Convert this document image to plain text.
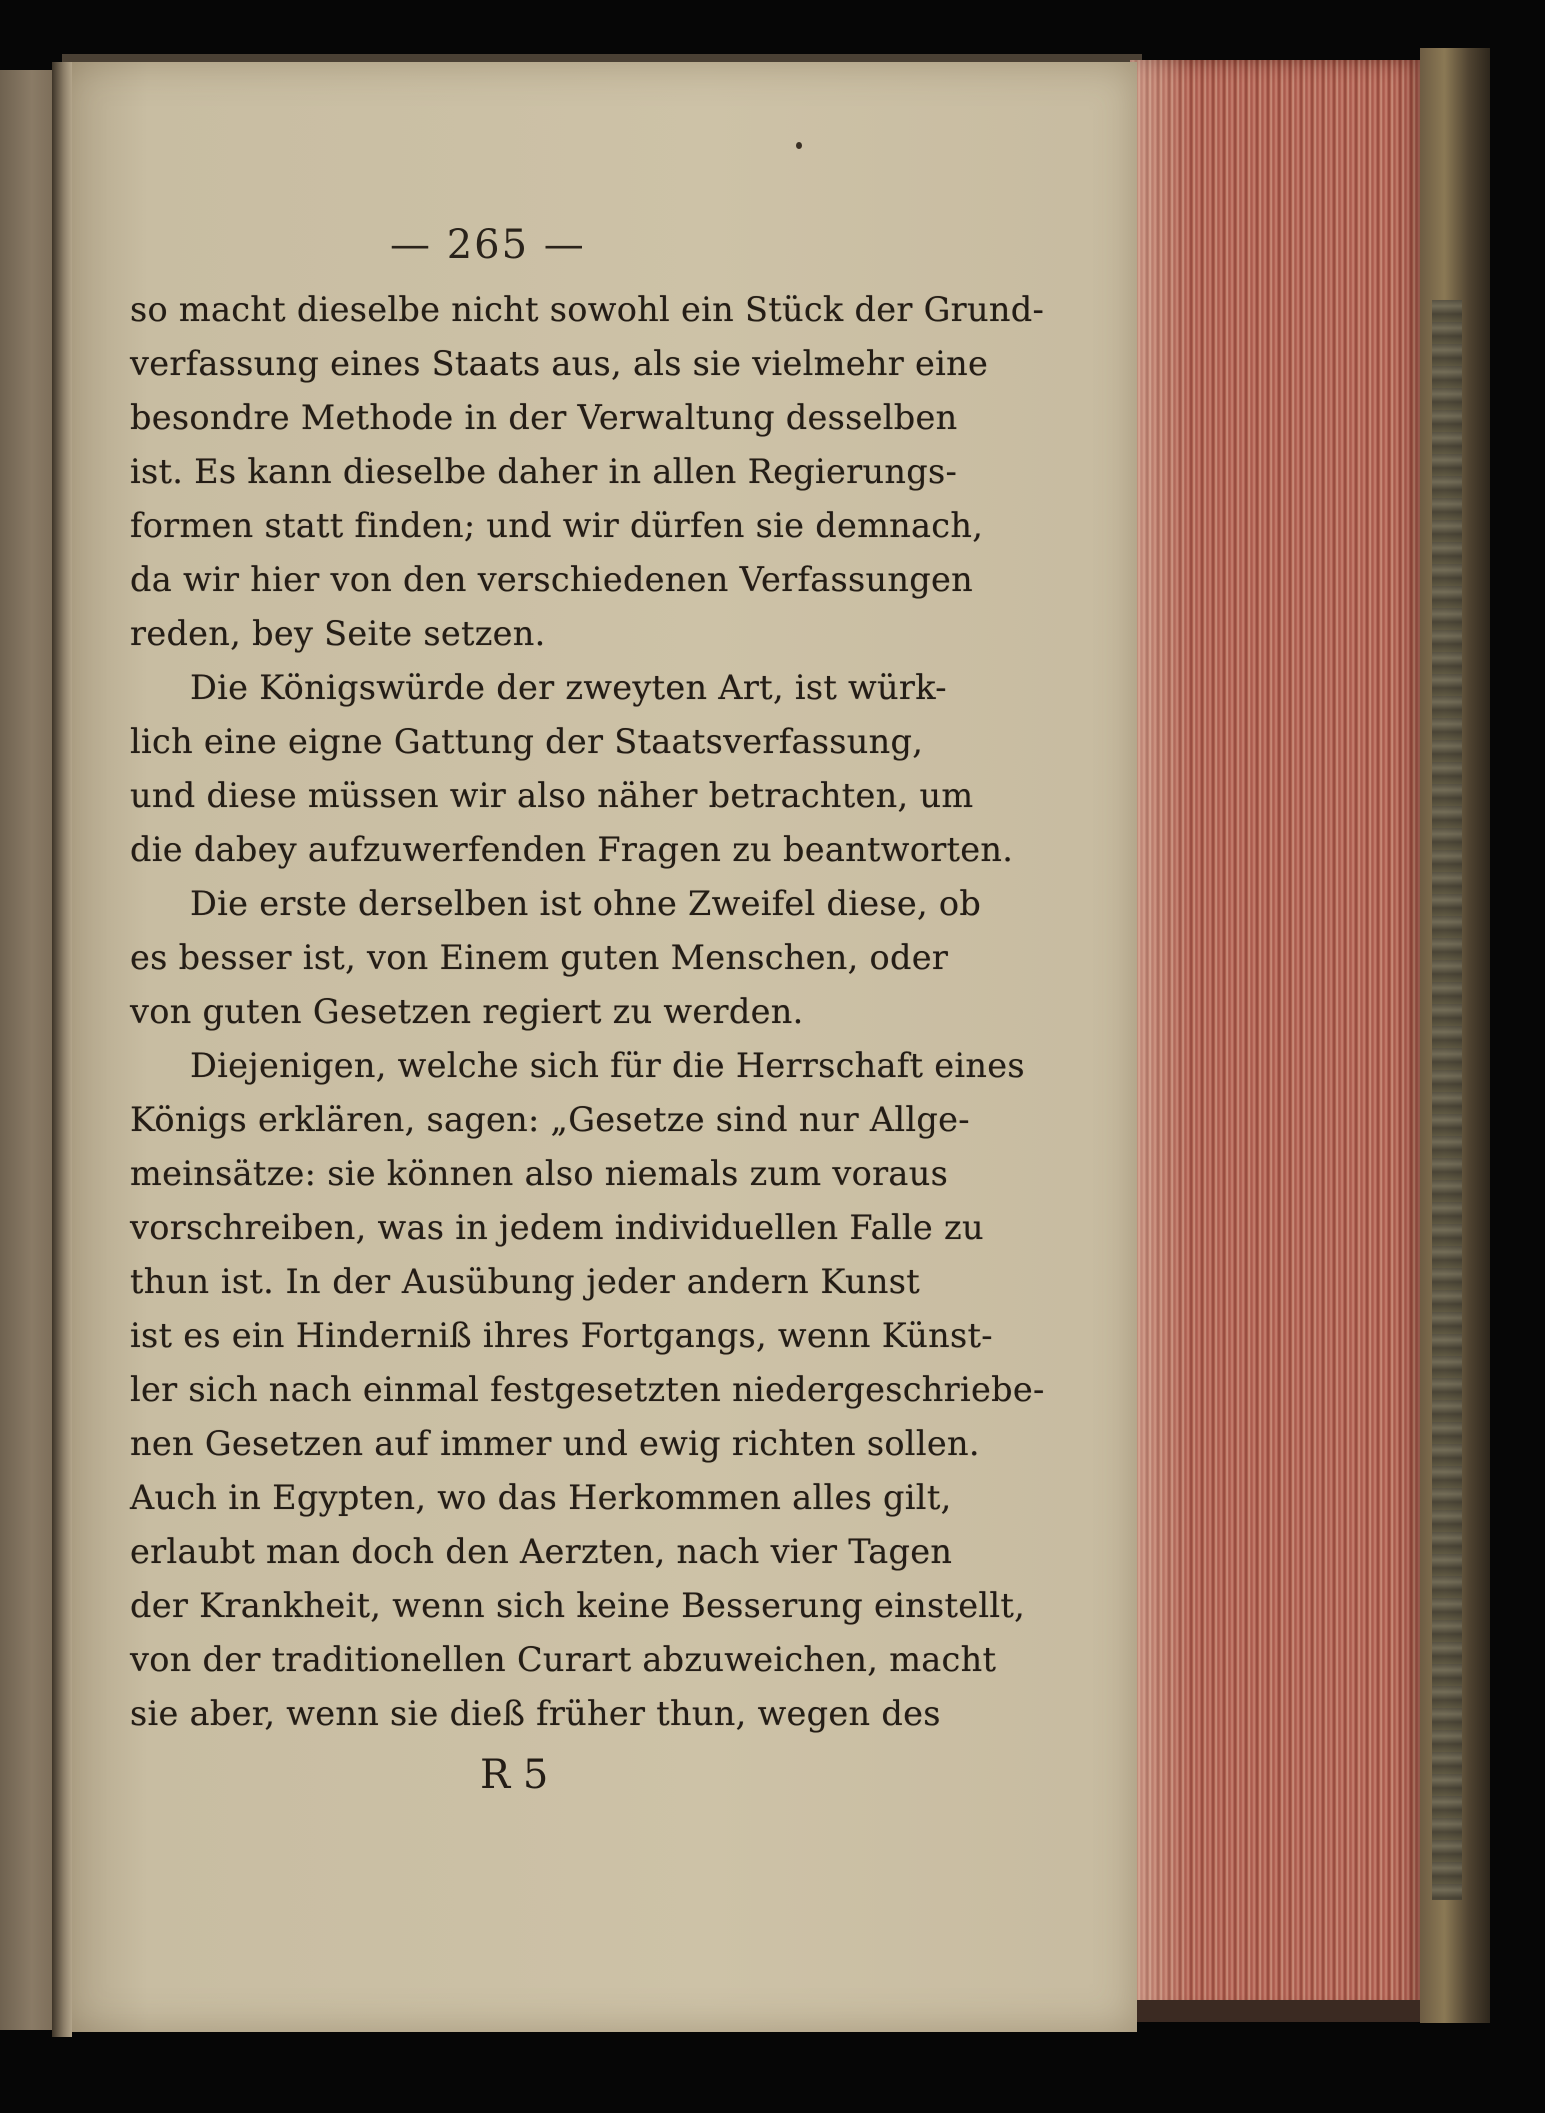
— 265 —
so macht dieselbe nicht sowohl ein Stück der Grund-
verfassung eines Staats aus, als sie vielmehr eine
besondre Methode in der Verwaltung desselben
ist. Es kann dieselbe daher in allen Regierungs-
formen statt finden; und wir dürfen sie demnach,
da wir hier von den verschiedenen Verfassungen
reden, bey Seite setzen.
Die Königswürde der zweyten Art, ist würk-
lich eine eigne Gattung der Staatsverfassung,
und diese müssen wir also näher betrachten, um
die dabey aufzuwerfenden Fragen zu beantworten.
Die erste derselben ist ohne Zweifel diese, ob
es besser ist, von Einem guten Menschen, oder
von guten Gesetzen regiert zu werden.
Diejenigen, welche sich für die Herrschaft eines
Königs erklären, sagen: „Gesetze sind nur Allge-
meinsätze: sie können also niemals zum voraus
vorschreiben, was in jedem individuellen Falle zu
thun ist. In der Ausübung jeder andern Kunst
ist es ein Hinderniß ihres Fortgangs, wenn Künst-
ler sich nach einmal festgesetzten niedergeschriebe-
nen Gesetzen auf immer und ewig richten sollen.
Auch in Egypten, wo das Herkommen alles gilt,
erlaubt man doch den Aerzten, nach vier Tagen
der Krankheit, wenn sich keine Besserung einstellt,
von der traditionellen Curart abzuweichen, macht
sie aber, wenn sie dieß früher thun, wegen des
R 5
